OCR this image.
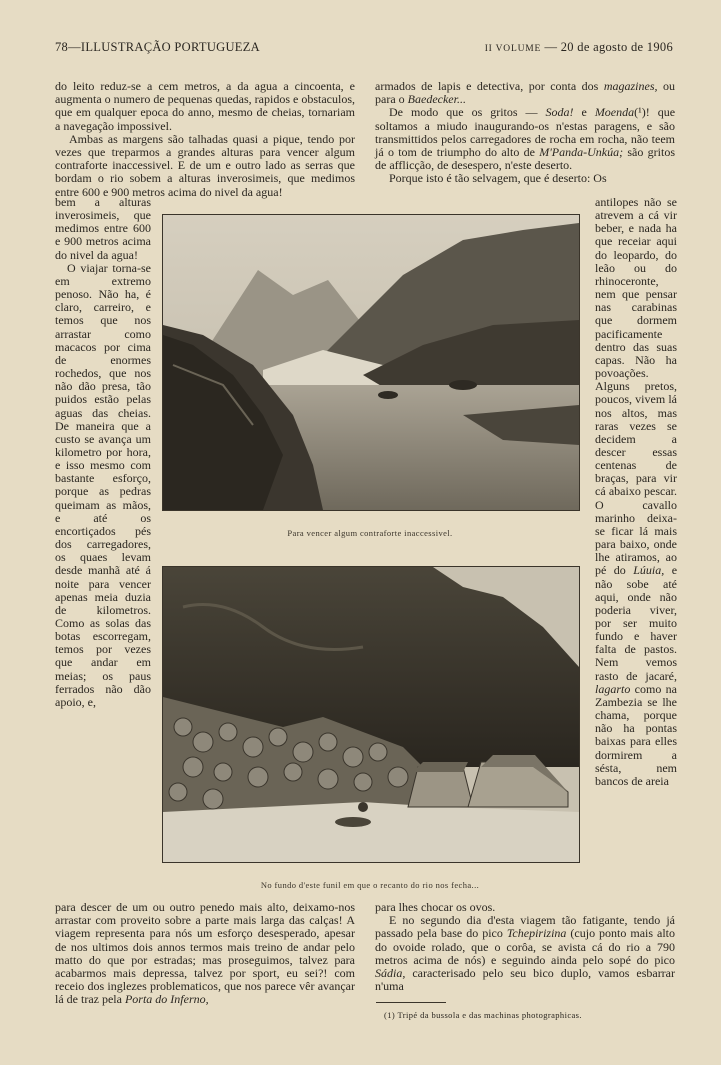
78—ILLUSTRAÇÃO PORTUGUEZA	II VOLUME — 20 de agosto de 1906

do leito reduz-se a cem metros, a da agua a cincoenta, e augmenta o numero de pequenas quedas, rapidos e obstaculos, que em qualquer epoca do anno, mesmo de cheias, tornariam a navegação impossivel.

Ambas as margens são talhadas quasi a pique, tendo por vezes que treparmos a grandes alturas para vencer algum contraforte inaccessivel. E de um e outro lado as serras que bordam o rio sobem a alturas inverosimeis, que medimos entre 600 e 900 metros acima do nivel da agua!

bem a alturas inverosimeis, que medimos entre 600 e 900 metros acima do nivel da agua!

O viajar torna-se em extremo penoso. Não ha, é claro, carreiro, e temos que nos arrastar como macacos por cima de enormes rochedos, que nos não dão presa, tão puidos estão pelas aguas das cheias. De maneira que a custo se avança um kilometro por hora, e isso mesmo com bastante esforço, porque as pedras queimam as mãos, e até os encortiçados pés dos carregadores, os quaes levam desde manhã até á noite para vencer apenas meia duzia de kilometros. Como as solas das botas escorregam, temos por vezes que andar em meias; os paus ferrados não dão apoio, e,

para descer de um ou outro penedo mais alto, deixamo-nos arrastar com proveito sobre a parte mais larga das calças! A viagem representa para nós um esforço desesperado, apesar de nos ultimos dois annos termos mais treino de andar pelo matto do que por estradas; mas proseguimos, talvez para acabarmos mais depressa, talvez por sport, eu sei?! com receio dos inglezes problematicos, que nos parece vêr avançar lá de traz pela Porta do Inferno,

armados de lapis e detectiva, por conta dos magazines, ou para o Baedecker...

De modo que os gritos — Soda! e Moenda(¹)! que soltamos a miudo inaugurando-os n'estas paragens, e são transmittidos pelos carregadores de rocha em rocha, não teem já o tom de triumpho do alto de M'Panda-Unkúa; são gritos de afflicção, de desespero, n'este deserto.

Porque isto é tão selvagem, que é deserto: Os

antilopes não se atrevem a cá vir beber, e nada ha que receiar aqui do leopardo, do leão ou do rhinoceronte, nem que pensar nas carabinas que dormem pacificamente dentro das suas capas. Não ha povoações. Alguns pretos, poucos, vivem lá nos altos, mas raras vezes se decidem a descer essas centenas de braças, para vir cá abaixo pescar. O cavallo marinho deixa-se ficar lá mais para baixo, onde lhe atiramos, ao pé do Lúuia, e não sobe até aqui, onde não poderia viver, por ser muito fundo e haver falta de pastos. Nem vemos rasto de jacaré, lagarto como na Zambezia se lhe chama, porque não ha pontas baixas para elles dormirem a sésta, nem bancos de areia

para lhes chocar os ovos.

E no segundo dia d'esta viagem tão fatigante, tendo já passado pela base do pico Tchepirizina (cujo ponto mais alto do ovoide rolado, que o corôa, se avista cá do rio a 790 metros acima de nós) e seguindo ainda pelo sopé do pico Sádia, caracterisado pelo seu bico duplo, vamos esbarrar n'uma

Para vencer algum contraforte inaccessivel.
No fundo d'este funil em que o recanto do rio nos fecha...
(1) Tripé da bussola e das machinas photographicas.
